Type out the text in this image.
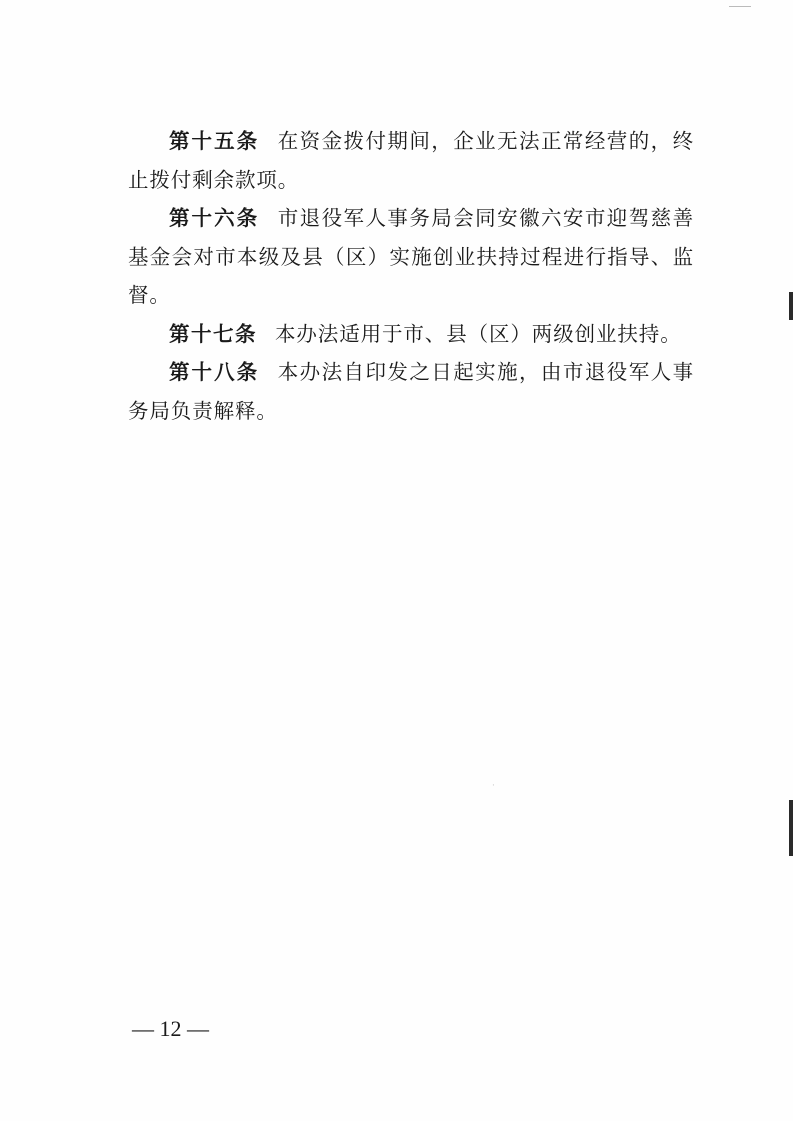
第十五条 在资金拨付期间，企业无法正常经营的，终止拨付剩余款项。

第十六条 市退役军人事务局会同安徽六安市迎驾慈善基金会对市本级及县（区）实施创业扶持过程进行指导、监督。

第十七条 本办法适用于市、县（区）两级创业扶持。

第十八条 本办法自印发之日起实施，由市退役军人事务局负责解释。

·
— 12 —
